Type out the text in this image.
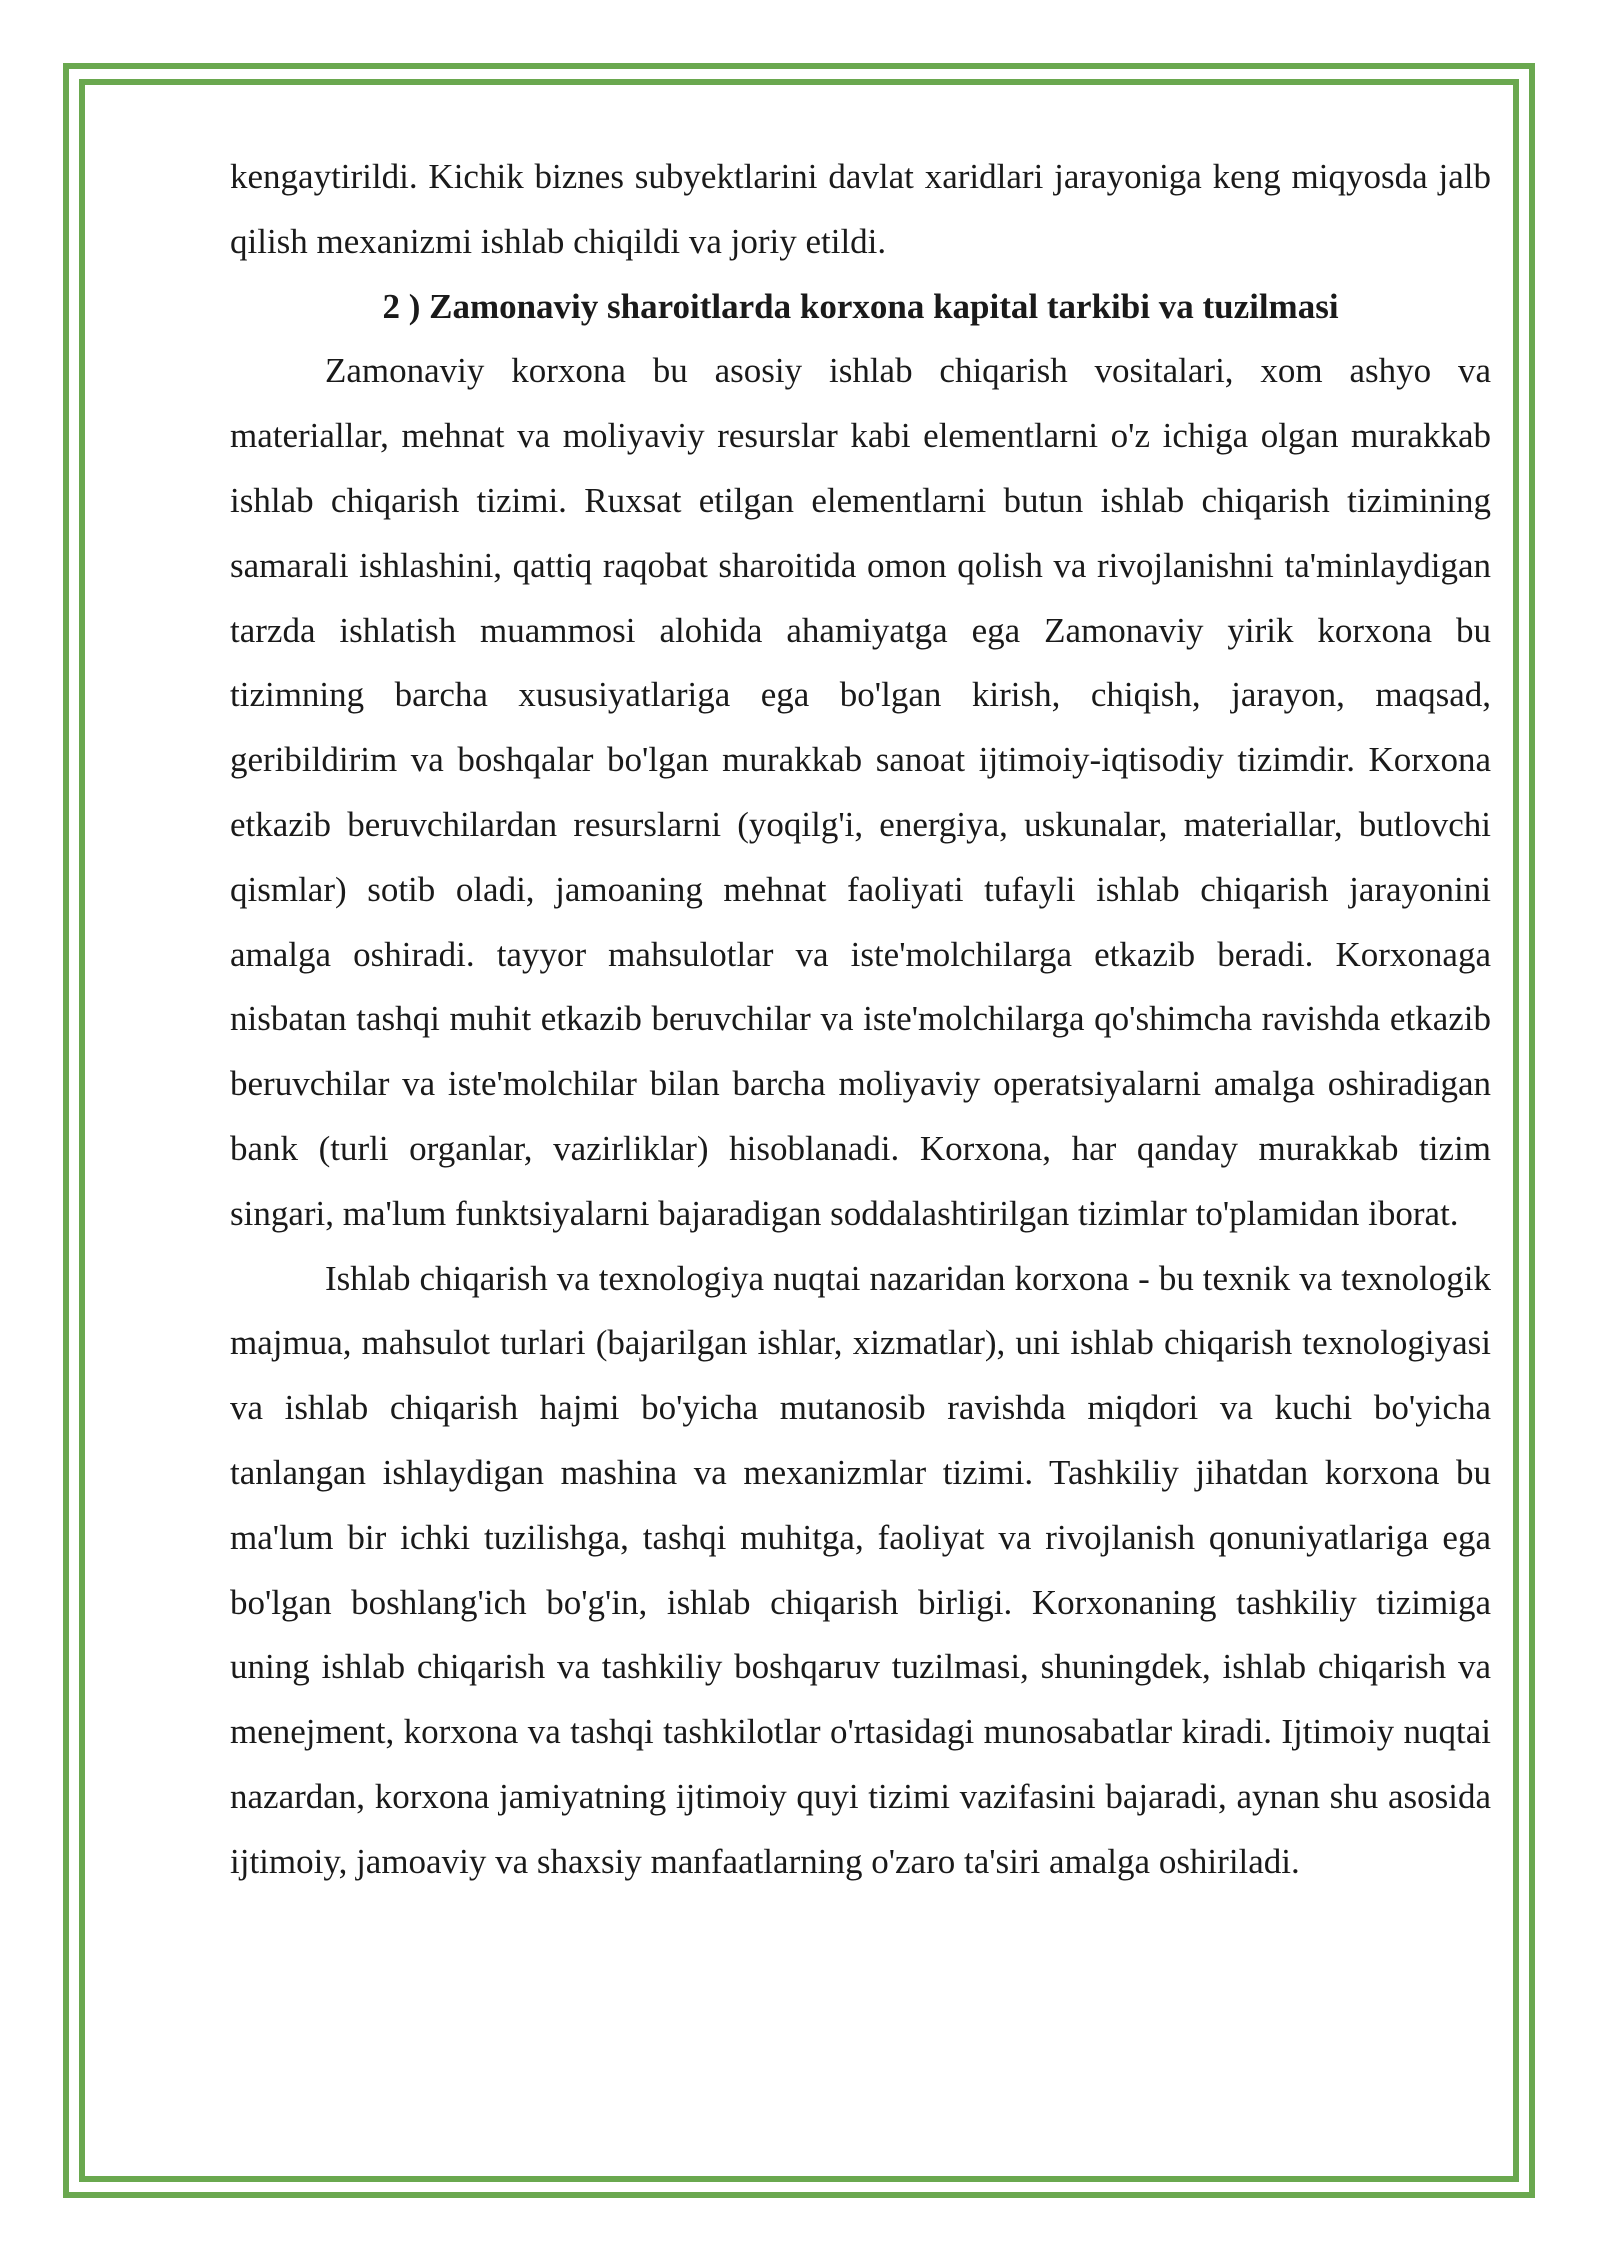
kengaytirildi. Kichik biznes subyektlarini davlat xaridlari jarayoniga keng miqyosda jalb qilish mexanizmi ishlab chiqildi va joriy etildi.

2 ) Zamonaviy sharoitlarda korxona kapital tarkibi va tuzilmasi

Zamonaviy korxona bu asosiy ishlab chiqarish vositalari, xom ashyo va materiallar, mehnat va moliyaviy resurslar kabi elementlarni o'z ichiga olgan murakkab ishlab chiqarish tizimi. Ruxsat etilgan elementlarni butun ishlab chiqarish tizimining samarali ishlashini, qattiq raqobat sharoitida omon qolish va rivojlanishni ta'minlaydigan tarzda ishlatish muammosi alohida ahamiyatga ega Zamonaviy yirik korxona bu tizimning barcha xususiyatlariga ega bo'lgan kirish, chiqish, jarayon, maqsad, geribildirim va boshqalar bo'lgan murakkab sanoat ijtimoiy-iqtisodiy tizimdir. Korxona etkazib beruvchilardan resurslarni (yoqilg'i, energiya, uskunalar, materiallar, butlovchi qismlar) sotib oladi, jamoaning mehnat faoliyati tufayli ishlab chiqarish jarayonini amalga oshiradi. tayyor mahsulotlar va iste'molchilarga etkazib beradi. Korxonaga nisbatan tashqi muhit etkazib beruvchilar va iste'molchilarga qo'shimcha ravishda etkazib beruvchilar va iste'molchilar bilan barcha moliyaviy operatsiyalarni amalga oshiradigan bank (turli organlar, vazirliklar) hisoblanadi. Korxona, har qanday murakkab tizim singari, ma'lum funktsiyalarni bajaradigan soddalashtirilgan tizimlar to'plamidan iborat.

Ishlab chiqarish va texnologiya nuqtai nazaridan korxona - bu texnik va texnologik majmua, mahsulot turlari (bajarilgan ishlar, xizmatlar), uni ishlab chiqarish texnologiyasi va ishlab chiqarish hajmi bo'yicha mutanosib ravishda miqdori va kuchi bo'yicha tanlangan ishlaydigan mashina va mexanizmlar tizimi. Tashkiliy jihatdan korxona bu ma'lum bir ichki tuzilishga, tashqi muhitga, faoliyat va rivojlanish qonuniyatlariga ega bo'lgan boshlang'ich bo'g'in, ishlab chiqarish birligi. Korxonaning tashkiliy tizimiga uning ishlab chiqarish va tashkiliy boshqaruv tuzilmasi, shuningdek, ishlab chiqarish va menejment, korxona va tashqi tashkilotlar o'rtasidagi munosabatlar kiradi. Ijtimoiy nuqtai nazardan, korxona jamiyatning ijtimoiy quyi tizimi vazifasini bajaradi, aynan shu asosida ijtimoiy, jamoaviy va shaxsiy manfaatlarning o'zaro ta'siri amalga oshiriladi.
